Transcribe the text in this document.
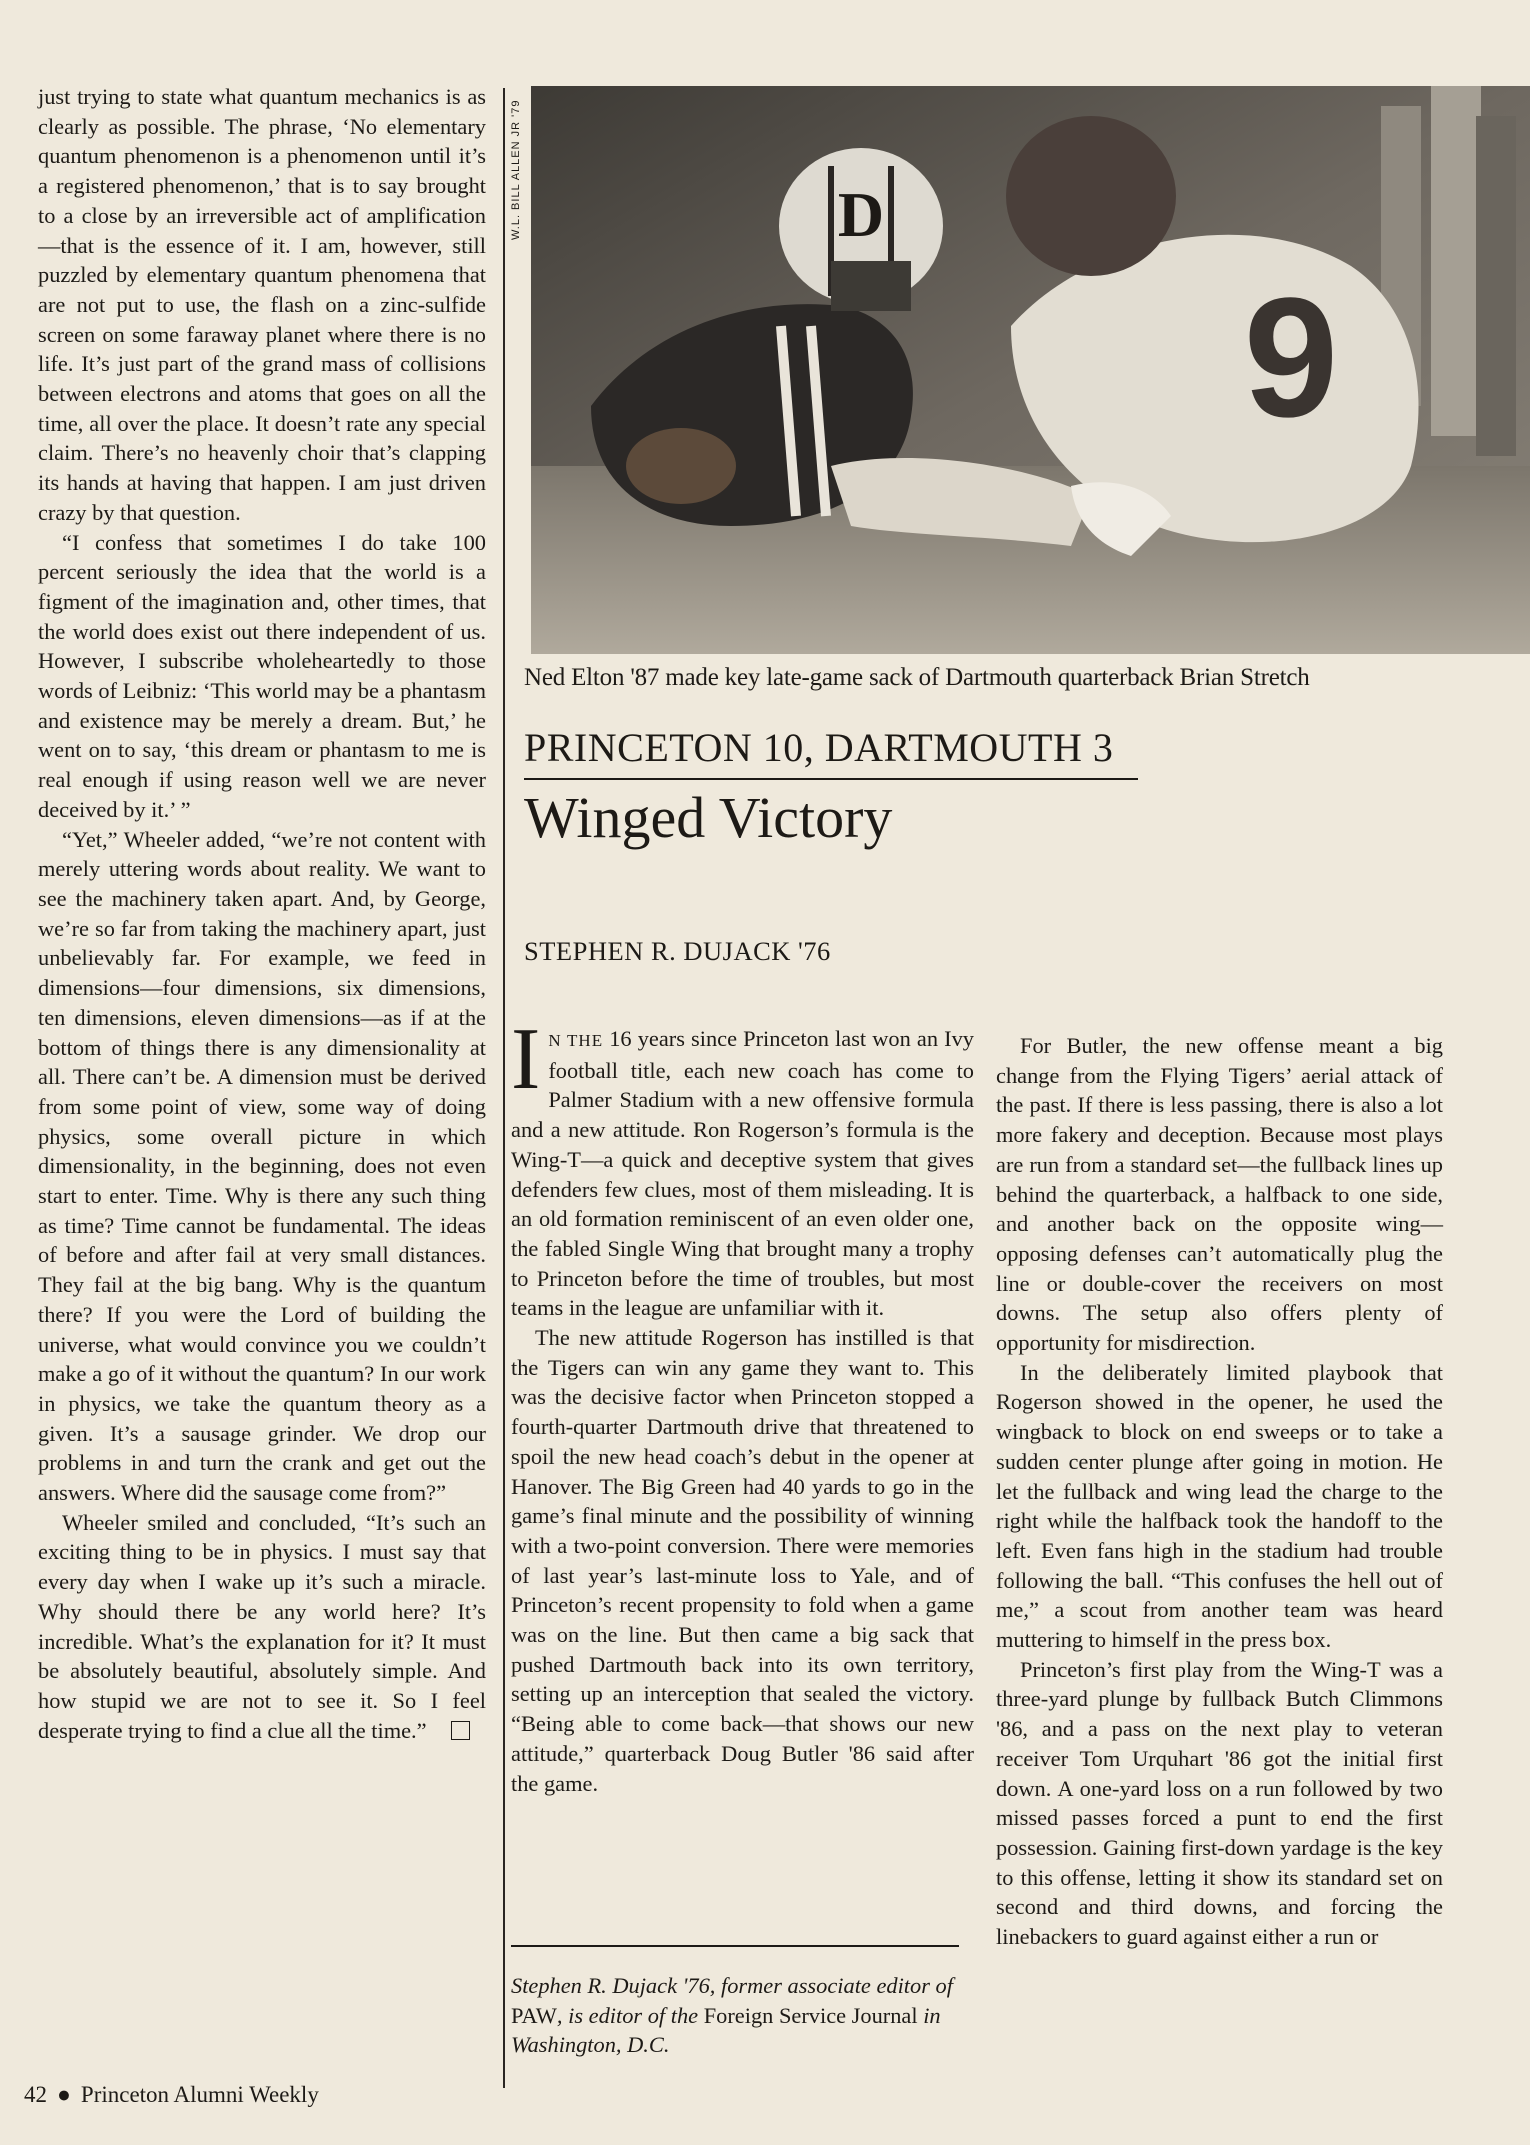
just trying to state what quantum mechanics is as clearly as possible. The phrase, ‘No elementary quantum phenomenon is a phenomenon until it’s a registered phenomenon,’ that is to say brought to a close by an irreversible act of amplification—that is the essence of it. I am, however, still puzzled by elementary quantum phenomena that are not put to use, the flash on a zinc-sulfide screen on some faraway planet where there is no life. It’s just part of the grand mass of collisions between electrons and atoms that goes on all the time, all over the place. It doesn’t rate any special claim. There’s no heavenly choir that’s clapping its hands at having that happen. I am just driven crazy by that question.

“I confess that sometimes I do take 100 percent seriously the idea that the world is a figment of the imagination and, other times, that the world does exist out there independent of us. However, I subscribe wholeheartedly to those words of Leibniz: ‘This world may be a phantasm and existence may be merely a dream. But,’ he went on to say, ‘this dream or phantasm to me is real enough if using reason well we are never deceived by it.’ ”

“Yet,” Wheeler added, “we’re not content with merely uttering words about reality. We want to see the machinery taken apart. And, by George, we’re so far from taking the machinery apart, just unbelievably far. For example, we feed in dimensions—four dimensions, six dimensions, ten dimensions, eleven dimensions—as if at the bottom of things there is any dimensionality at all. There can’t be. A dimension must be derived from some point of view, some way of doing physics, some overall picture in which dimensionality, in the beginning, does not even start to enter. Time. Why is there any such thing as time? Time cannot be fundamental. The ideas of before and after fail at very small distances. They fail at the big bang. Why is the quantum there? If you were the Lord of building the universe, what would convince you we couldn’t make a go of it without the quantum? In our work in physics, we take the quantum theory as a given. It’s a sausage grinder. We drop our problems in and turn the crank and get out the answers. Where did the sausage come from?”

Wheeler smiled and concluded, “It’s such an exciting thing to be in physics. I must say that every day when I wake up it’s such a miracle. Why should there be any world here? It’s incredible. What’s the explanation for it? It must be absolutely beautiful, absolutely simple. And how stupid we are not to see it. So I feel desperate trying to find a clue all the time.”

W.L. BILL ALLEN JR '79	D
9
Ned Elton '87 made key late-game sack of Dartmouth quarterback Brian Stretch
PRINCETON 10, DARTMOUTH 3
Winged Victory
STEPHEN R. DUJACK '76

I N THE 16 years since Princeton last won an Ivy football title, each new coach has come to Palmer Stadium with a new offensive formula and a new attitude. Ron Rogerson’s formula is the Wing-T—a quick and deceptive system that gives defenders few clues, most of them misleading. It is an old formation reminiscent of an even older one, the fabled Single Wing that brought many a trophy to Princeton before the time of troubles, but most teams in the league are unfamiliar with it.

The new attitude Rogerson has instilled is that the Tigers can win any game they want to. This was the decisive factor when Princeton stopped a fourth-quarter Dartmouth drive that threatened to spoil the new head coach’s debut in the opener at Hanover. The Big Green had 40 yards to go in the game’s final minute and the possibility of winning with a two-point conversion. There were memories of last year’s last-minute loss to Yale, and of Princeton’s recent propensity to fold when a game was on the line. But then came a big sack that pushed Dartmouth back into its own territory, setting up an interception that sealed the victory. “Being able to come back—that shows our new attitude,” quarterback Doug Butler '86 said after the game.

Stephen R. Dujack '76, former associate editor of PAW, is editor of the Foreign Service Journal in Washington, D.C.

For Butler, the new offense meant a big change from the Flying Tigers’ aerial attack of the past. If there is less passing, there is also a lot more fakery and deception. Because most plays are run from a standard set—the fullback lines up behind the quarterback, a halfback to one side, and another back on the opposite wing—opposing defenses can’t automatically plug the line or double-cover the receivers on most downs. The setup also offers plenty of opportunity for misdirection.

In the deliberately limited playbook that Rogerson showed in the opener, he used the wingback to block on end sweeps or to take a sudden center plunge after going in motion. He let the fullback and wing lead the charge to the right while the halfback took the handoff to the left. Even fans high in the stadium had trouble following the ball. “This confuses the hell out of me,” a scout from another team was heard muttering to himself in the press box.

Princeton’s first play from the Wing-T was a three-yard plunge by fullback Butch Climmons '86, and a pass on the next play to veteran receiver Tom Urquhart '86 got the initial first down. A one-yard loss on a run followed by two missed passes forced a punt to end the first possession. Gaining first-down yardage is the key to this offense, letting it show its standard set on second and third downs, and forcing the linebackers to guard against either a run or

42 ● Princeton Alumni Weekly
